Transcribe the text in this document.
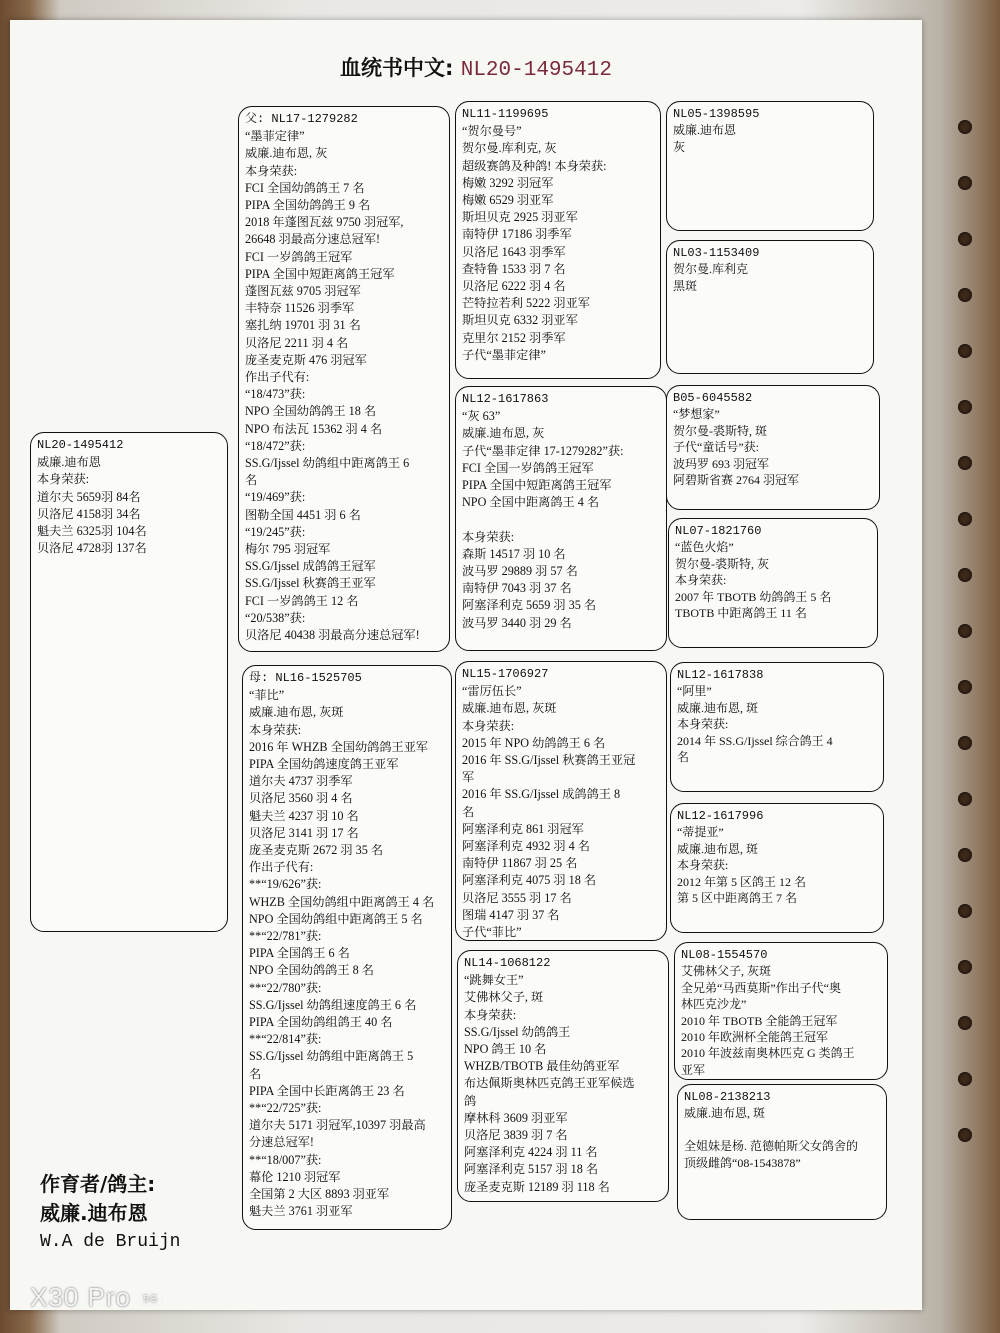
血统书中文: NL20-1495412
NL20-1495412
威廉.迪布恩
本身荣获:
道尔夫 5659羽 84名
贝洛尼 4158羽 34名
魁夫兰 6325羽 104名
贝洛尼 4728羽 137名
父: NL17-1279282
“墨菲定律”
威廉.迪布恩, 灰
本身荣获:
FCI 全国幼鸽鸽王 7 名
PIPA 全国幼鸽鸽王 9 名
2018 年蓬图瓦兹 9750 羽冠军,
26648 羽最高分速总冠军!
FCI 一岁鸽鸽王冠军
PIPA 全国中短距离鸽王冠军
蓬图瓦兹 9705 羽冠军
丰特奈 11526 羽季军
塞扎纳 19701 羽 31 名
贝洛尼 2211 羽 4 名
庞圣麦克斯 476 羽冠军
作出子代有:
“18/473”获:
NPO 全国幼鸽鸽王 18 名
NPO 布法瓦 15362 羽 4 名
“18/472”获:
SS.G/Ijssel 幼鸽组中距离鸽王 6
名
“19/469”获:
图勒全国 4451 羽 6 名
“19/245”获:
梅尔 795 羽冠军
SS.G/Ijssel 成鸽鸽王冠军
SS.G/Ijssel 秋赛鸽王亚军
FCI 一岁鸽鸽王 12 名
“20/538”获:
贝洛尼 40438 羽最高分速总冠军!
母: NL16-1525705
“菲比”
威廉.迪布恩, 灰斑
本身荣获:
2016 年 WHZB 全国幼鸽鸽王亚军
PIPA 全国幼鸽速度鸽王亚军
道尔夫 4737 羽季军
贝洛尼 3560 羽 4 名
魁夫兰 4237 羽 10 名
贝洛尼 3141 羽 17 名
庞圣麦克斯 2672 羽 35 名
作出子代有:
**“19/626”获:
WHZB 全国幼鸽组中距离鸽王 4 名
NPO 全国幼鸽组中距离鸽王 5 名
**“22/781”获:
PIPA 全国鸽王 6 名
NPO 全国幼鸽鸽王 8 名
**“22/780”获:
SS.G/Ijssel 幼鸽组速度鸽王 6 名
PIPA 全国幼鸽组鸽王 40 名
**“22/814”获:
SS.G/Ijssel 幼鸽组中距离鸽王 5
名
PIPA 全国中长距离鸽王 23 名
**“22/725”获:
道尔夫 5171 羽冠军,10397 羽最高
分速总冠军!
**“18/007”获:
幕伦 1210 羽冠军
全国第 2 大区 8893 羽亚军
魁夫兰 3761 羽亚军
NL11-1199695
“贺尔曼号”
贺尔曼.库利克, 灰
超级赛鸽及种鸽! 本身荣获:
梅嫩 3292 羽冠军
梅嫩 6529 羽亚军
斯坦贝克 2925 羽亚军
南特伊 17186 羽季军
贝洛尼 1643 羽季军
查特鲁 1533 羽 7 名
贝洛尼 6222 羽 4 名
芒特拉若利 5222 羽亚军
斯坦贝克 6332 羽亚军
克里尔 2152 羽季军
子代“墨菲定律”
NL12-1617863
“灰 63”
威廉.迪布恩, 灰
子代“墨菲定律 17-1279282”获:
FCI 全国一岁鸽鸽王冠军
PIPA 全国中短距离鸽王冠军
NPO 全国中距离鸽王 4 名

本身荣获:
森斯 14517 羽 10 名
波马罗 29889 羽 57 名
南特伊 7043 羽 37 名
阿塞泽利克 5659 羽 35 名
波马罗 3440 羽 29 名
NL15-1706927
“雷厉伍长”
威廉.迪布恩, 灰斑
本身荣获:
2015 年 NPO 幼鸽鸽王 6 名
2016 年 SS.G/Ijssel 秋赛鸽王亚冠
军
2016 年 SS.G/Ijssel 成鸽鸽王 8
名
阿塞泽利克 861 羽冠军
阿塞泽利克 4932 羽 4 名
南特伊 11867 羽 25 名
阿塞泽利克 4075 羽 18 名
贝洛尼 3555 羽 17 名
图瑞 4147 羽 37 名
子代“菲比”
NL14-1068122
“跳舞女王”
艾佛林父子, 斑
本身荣获:
SS.G/Ijssel 幼鸽鸽王
NPO 鸽王 10 名
WHZB/TBOTB 最佳幼鸽亚军
布达佩斯奥林匹克鸽王亚军候选
鸽
摩林科 3609 羽亚军
贝洛尼 3839 羽 7 名
阿塞泽利克 4224 羽 11 名
阿塞泽利克 5157 羽 18 名
庞圣麦克斯 12189 羽 118 名
NL05-1398595
威廉.迪布恩
灰
NL03-1153409
贺尔曼.库利克
黑斑
B05-6045582
“梦想家”
贺尔曼-裘斯特, 斑
子代“童话号”获:
波玛罗 693 羽冠军
阿碧斯省赛 2764 羽冠军
NL07-1821760
“蓝色火焰”
贺尔曼-裘斯特, 灰
本身荣获:
2007 年 TBOTB 幼鸽鸽王 5 名
TBOTB 中距离鸽王 11 名
NL12-1617838
“阿里”
威廉.迪布恩, 斑
本身荣获:
2014 年 SS.G/Ijssel 综合鸽王 4
名
NL12-1617996
“蒂提亚”
威廉.迪布恩, 斑
本身荣获:
2012 年第 5 区鸽王 12 名
第 5 区中距离鸽王 7 名
NL08-1554570
艾佛林父子, 灰斑
全兄弟“马西莫斯”作出子代“奥
林匹克沙龙”
2010 年 TBOTB 全能鸽王冠军
2010 年欧洲杯全能鸽王冠军
2010 年波兹南奥林匹克 G 类鸽王
亚军
NL08-2138213
威廉.迪布恩, 斑

全姐妹是杨. 范德帕斯父女鸽舍的
顶级雌鸽“08-1543878”
作育者/鸽主:
威廉.迪布恩
W.A de Bruijn
X30 Pro 5G
